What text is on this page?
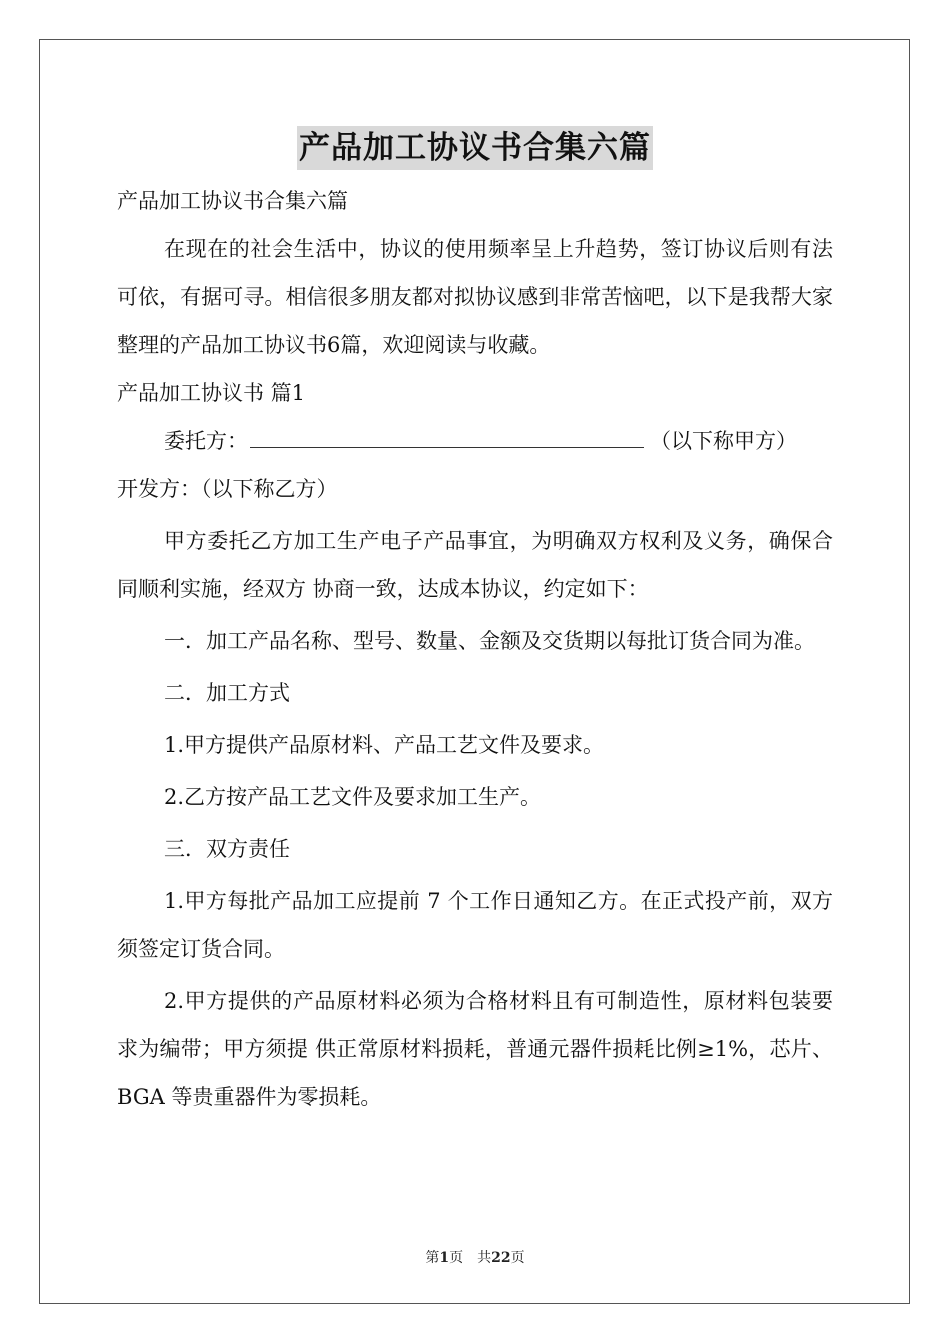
产品加工协议书合集六篇

产品加工协议书合集六篇

在现在的社会生活中，协议的使用频率呈上升趋势，签订协议后则有法可依，有据可寻。相信很多朋友都对拟协议感到非常苦恼吧，以下是我帮大家整理的产品加工协议书6篇，欢迎阅读与收藏。

产品加工协议书 篇1

委托方：	（以下称甲方）

开发方：（以下称乙方）

甲方委托乙方加工生产电子产品事宜，为明确双方权利及义务，确保合同顺利实施，经双方 协商一致，达成本协议，约定如下：

一．加工产品名称、型号、数量、金额及交货期以每批订货合同为准。

二．加工方式

1.甲方提供产品原材料、产品工艺文件及要求。

2.乙方按产品工艺文件及要求加工生产。

三．双方责任

1.甲方每批产品加工应提前 7 个工作日通知乙方。在正式投产前，双方须签定订货合同。

2.甲方提供的产品原材料必须为合格材料且有可制造性，原材料包装要求为编带；甲方须提 供正常原材料损耗，普通元器件损耗比例≥1%，芯片、BGA 等贵重器件为零损耗。

第1页　共22页
